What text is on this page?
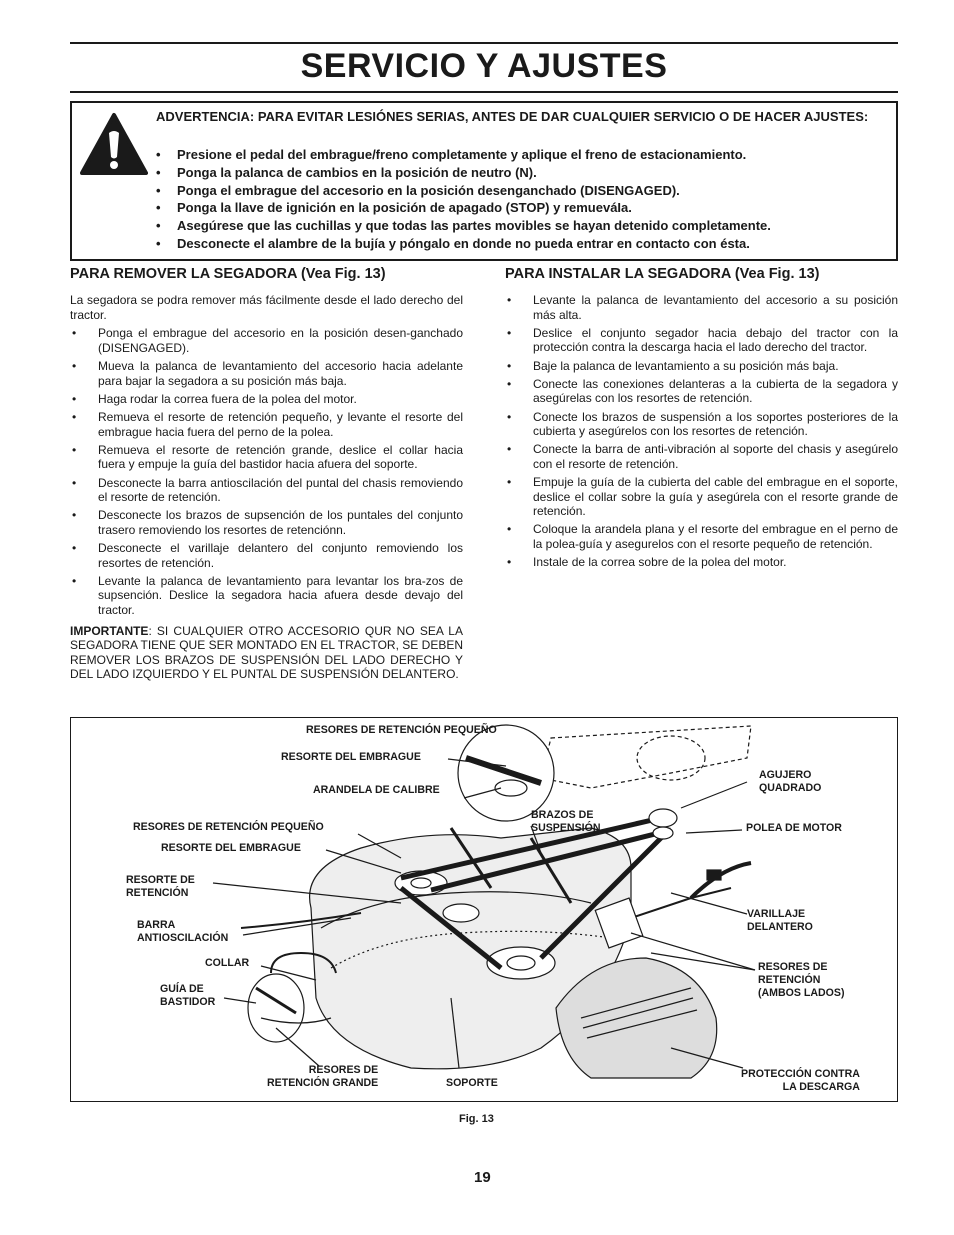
SERVICIO Y AJUSTES
ADVERTENCIA: PARA EVITAR LESIÓNES SERIAS, ANTES DE DAR CUALQUIER SERVICIO O DE HACER AJUSTES:
• Presione el pedal del embrague/freno completamente y aplique el freno de estacionamiento.
• Ponga la palanca de cambios en la posición de neutro (N).
• Ponga el embrague del accesorio en la posición desenganchado (DISENGAGED).
• Ponga la llave de ignición en la posición de apagado (STOP) y remueváIa.
• Asegúrese que las cuchillas y que todas las partes movibles se hayan detenido completamente.
• Desconecte el alambre de la bujía y póngalo en donde no pueda entrar en contacto con ésta.
PARA REMOVER LA SEGADORA (Vea Fig. 13)

La segadora se podra remover más fácilmente desde el lado derecho del tractor.

• Ponga el embrague del accesorio en la posición desen-ganchado (DISENGAGED).
• Mueva la palanca de levantamiento del accesorio hacia adelante para bajar la segadora a su posición más baja.
• Haga rodar la correa fuera de la polea del motor.
• Remueva el resorte de retención pequeño, y levante el resorte del embrague hacia fuera del perno de la polea.
• Remueva el resorte de retención grande, deslice el collar hacia fuera y empuje la guía del bastidor hacia afuera del soporte.
• Desconecte la barra antioscilación del puntal del chasis removiendo el resorte de retención.
• Desconecte los brazos de supsención de los puntales del conjunto trasero removiendo los resortes de retenciónn.
• Desconecte el varillaje delantero del conjunto removiendo los resortes de retención.
• Levante la palanca de levantamiento para levantar los bra-zos de supsención. Deslice la segadora hacia afuera desde devajo del tractor.

IMPORTANTE: SI CUALQUIER OTRO ACCESORIO QUR NO SEA LA SEGADORA TIENE QUE SER MONTADO EN EL TRACTOR, SE DEBEN REMOVER LOS BRAZOS DE SUSPENSIÓN DEL LADO DERECHO Y DEL LADO IZQUIERDO Y EL PUNTAL DE SUSPENSIÓN DELANTERO.

PARA INSTALAR LA SEGADORA (Vea Fig. 13)
• Levante la palanca de levantamiento del accesorio a su posición más alta.
• Deslice el conjunto segador hacia debajo del tractor con la protección contra la descarga hacia el lado derecho del tractor.
• Baje la palanca de levantamiento a su posición más baja.
• Conecte las conexiones delanteras a la cubierta de la segadora y asegúrelas con los resortes de retención.
• Conecte los brazos de suspensión a los soportes posteriores de la cubierta y asegúrelos con los resortes de retención.
• Conecte la barra de anti-vibración al soporte del chasis y asegúrelo con el resorte de retención.
• Empuje la guía de la cubierta del cable del embrague en el soporte, deslice el collar sobre la guía y asegúrela con el resorte grande de retención.
• Coloque la arandela plana y el resorte del embrague en el perno de la polea-guía y asegurelos con el resorte pequeño de retención.
• Instale de la correa sobre de la polea del motor.
RESORES DE RETENCIÓN PEQUEÑO
RESORTE DEL EMBRAGUE
ARANDELA DE CALIBRE
AGUJERO
QUADRADO
BRAZOS DE
SUSPENSIÓN
RESORES DE RETENCIÓN PEQUEÑO	POLEA DE MOTOR
RESORTE DEL EMBRAGUE
RESORTE DE
RETENCIÓN
BARRA
ANTIOSCILACIÓN
VARILLAJE
DELANTERO
COLLAR	RESORES DE
RETENCIÓN
(AMBOS LADOS)
GUÍA DE
BASTIDOR
RESORES DE
RETENCIÓN GRANDE	SOPORTE
PROTECCIÓN CONTRA
LA DESCARGA
Fig. 13
19
